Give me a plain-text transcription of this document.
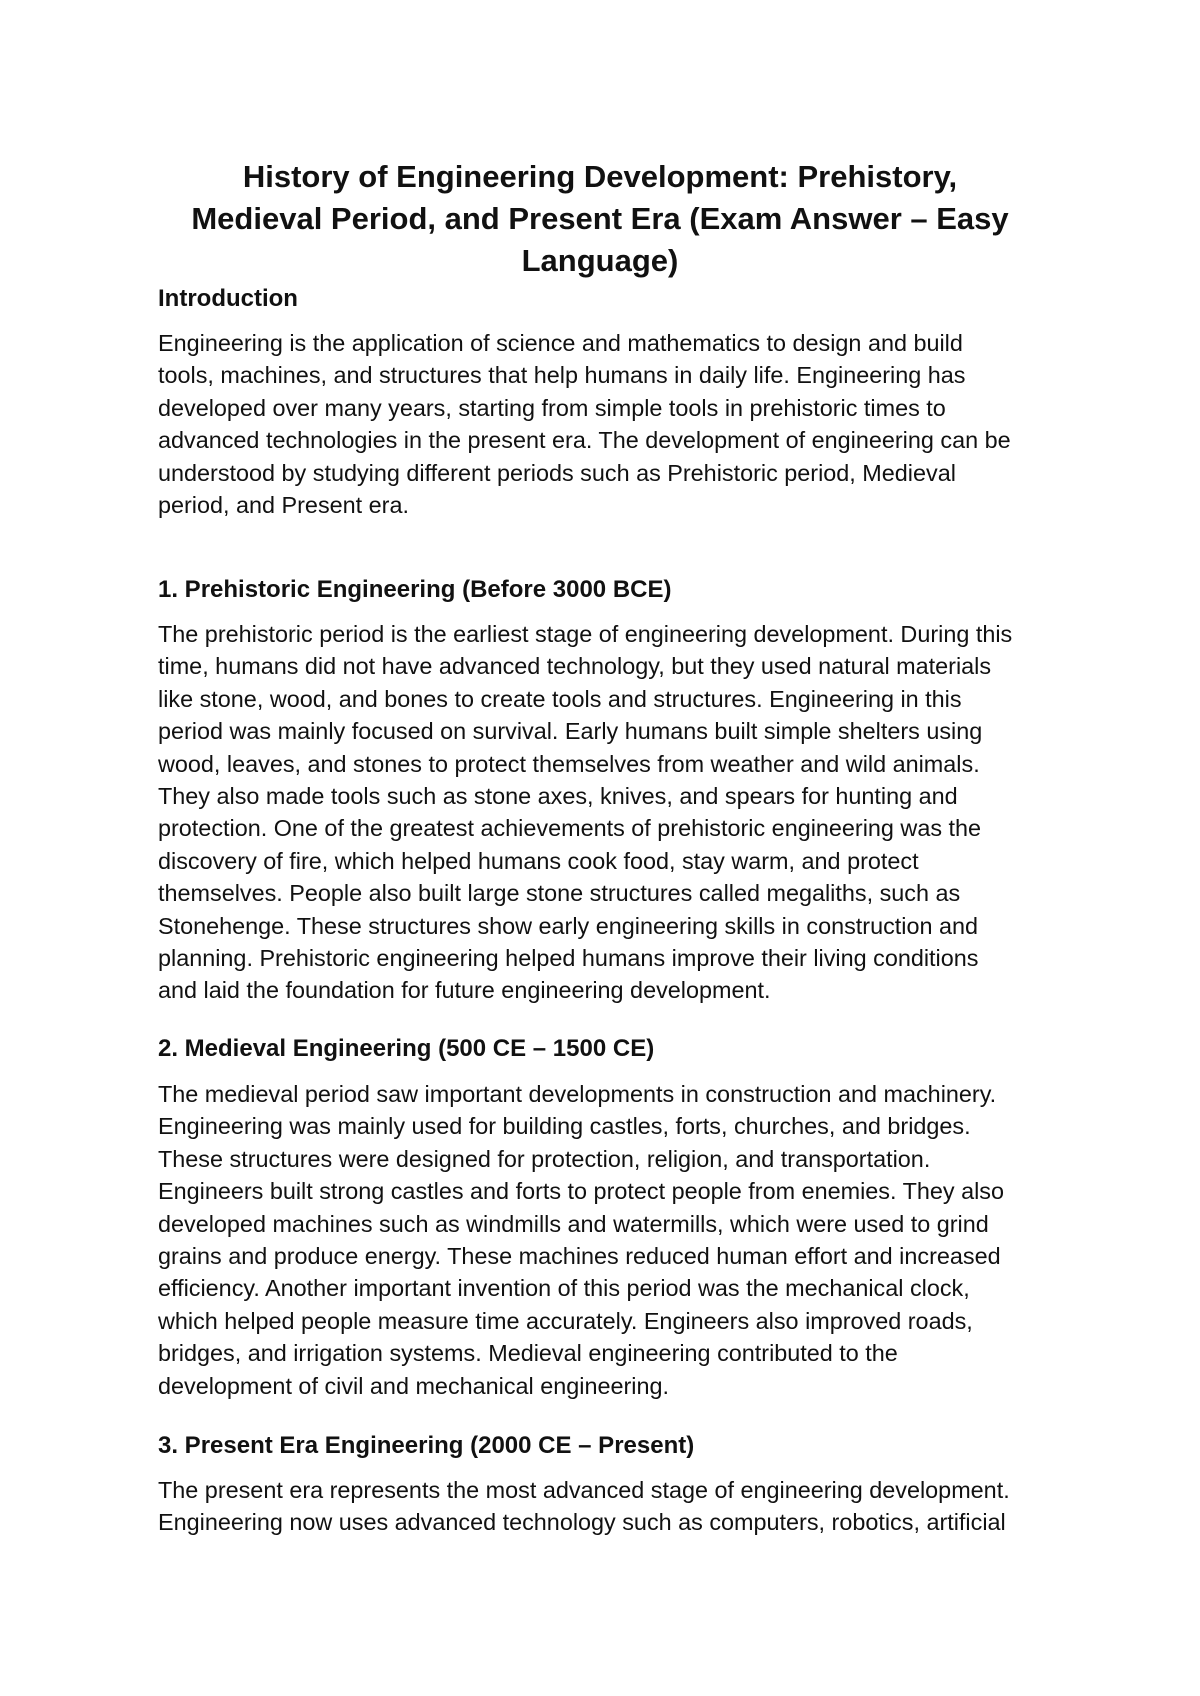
History of Engineering Development: Prehistory,
Medieval Period, and Present Era (Exam Answer – Easy
Language)
Introduction

Engineering is the application of science and mathematics to design and build
tools, machines, and structures that help humans in daily life. Engineering has
developed over many years, starting from simple tools in prehistoric times to
advanced technologies in the present era. The development of engineering can be
understood by studying different periods such as Prehistoric period, Medieval
period, and Present era.

1. Prehistoric Engineering (Before 3000 BCE)

The prehistoric period is the earliest stage of engineering development. During this
time, humans did not have advanced technology, but they used natural materials
like stone, wood, and bones to create tools and structures. Engineering in this
period was mainly focused on survival. Early humans built simple shelters using
wood, leaves, and stones to protect themselves from weather and wild animals.
They also made tools such as stone axes, knives, and spears for hunting and
protection. One of the greatest achievements of prehistoric engineering was the
discovery of fire, which helped humans cook food, stay warm, and protect
themselves. People also built large stone structures called megaliths, such as
Stonehenge. These structures show early engineering skills in construction and
planning. Prehistoric engineering helped humans improve their living conditions
and laid the foundation for future engineering development.

2. Medieval Engineering (500 CE – 1500 CE)

The medieval period saw important developments in construction and machinery.
Engineering was mainly used for building castles, forts, churches, and bridges.
These structures were designed for protection, religion, and transportation.
Engineers built strong castles and forts to protect people from enemies. They also
developed machines such as windmills and watermills, which were used to grind
grains and produce energy. These machines reduced human effort and increased
efficiency. Another important invention of this period was the mechanical clock,
which helped people measure time accurately. Engineers also improved roads,
bridges, and irrigation systems. Medieval engineering contributed to the
development of civil and mechanical engineering.

3. Present Era Engineering (2000 CE – Present)

The present era represents the most advanced stage of engineering development.
Engineering now uses advanced technology such as computers, robotics, artificial
